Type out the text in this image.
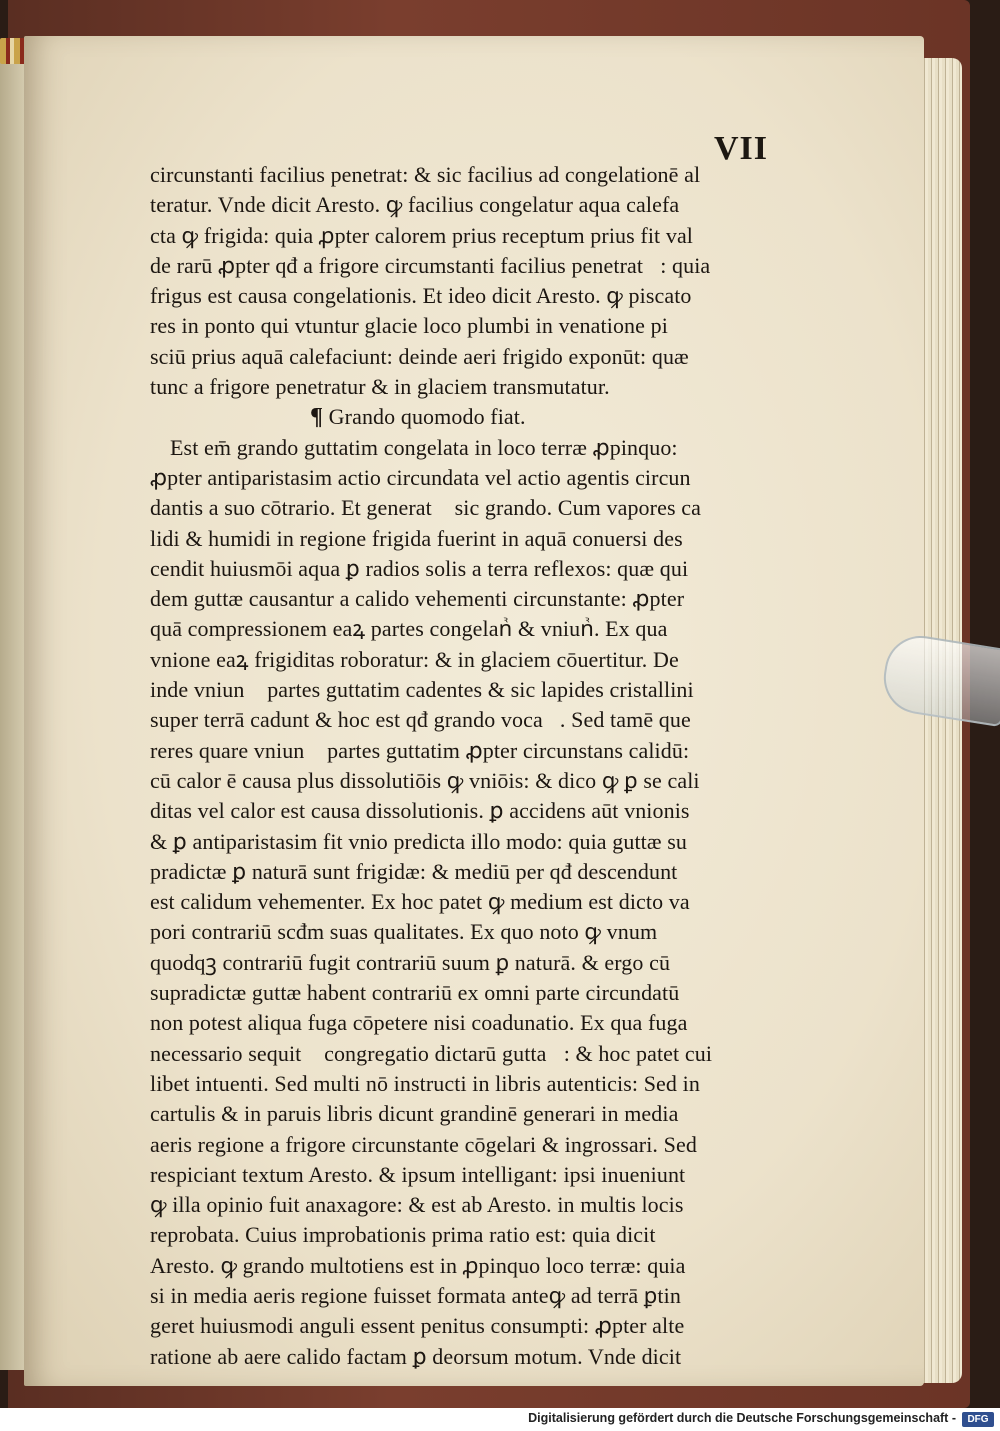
VII
circunstanti facilius penetrat: & sic facilius ad congelationē al
teratur. Vnde dicit Aresto. ꝙ facilius congelatur aqua calefa
cta ꝙ frigida: quia ꝓpter calorem prius receptum prius fit val
de rarū ꝓpter qđ a frigore circumstanti facilius penetratᷣ: quia
frigus est causa congelationis. Et ideo dicit Aresto. ꝙ piscato
res in ponto qui vtuntur glacie loco plumbi in venatione pi
sciū prius aquā calefaciunt: deinde aeri frigido exponūt: quæ
tunc a frigore penetratur & in glaciem transmutatur.
¶ Grando quomodo fiat.
Est em̄ grando guttatim congelata in loco terræ ꝓpinquo:
ꝓpter antiparistasim actio circundata vel actio agentis circun
dantis a suo cōtrario. Et generatᷣ sic grando. Cum vapores ca
lidi & humidi in regione frigida fuerint in aquā conuersi des
cendit huiusmōi aqua ꝑ radios solis a terra reflexos: quæ qui
dem guttæ causantur a calido vehementi circunstante: ꝓpter
quā compressionem eaꝝ partes congelanᷣ & vniunᷣ. Ex qua
vnione eaꝝ frigiditas roboratur: & in glaciem cōuertitur. De
inde vniunᷣ partes guttatim cadentes & sic lapides cristallini
super terrā cadunt & hoc est qđ grando vocaᷣ. Sed tamē que
reres quare vniunᷣ partes guttatim ꝓpter circunstans calidū:
cū calor ē causa plus dissolutiōis ꝙ vniōis: & dico ꝙ ꝑ se cali
ditas vel calor est causa dissolutionis. ꝑ accidens aūt vnionis
& ꝑ antiparistasim fit vnio predicta illo modo: quia guttæ su
pradictæ ꝑ naturā sunt frigidæ: & mediū per qđ descendunt
est calidum vehementer. Ex hoc patet ꝙ medium est dicto va
pori contrariū scđm suas qualitates. Ex quo noto ꝙ vnum
quodqꝫ contrariū fugit contrariū suum ꝑ naturā. & ergo cū
supradictæ guttæ habent contrariū ex omni parte circundatū
non potest aliqua fuga cōpetere nisi coadunatio. Ex qua fuga
necessario sequitᷣ congregatio dictarū guttaꝝ: & hoc patet cui
libet intuenti. Sed multi nō instructi in libris autenticis: Sed in
cartulis & in paruis libris dicunt grandinē generari in media
aeris regione a frigore circunstante cōgelari & ingrossari. Sed
respiciant textum Aresto. & ipsum intelligant: ipsi inueniunt
ꝙ illa opinio fuit anaxagore: & est ab Aresto. in multis locis
reprobata. Cuius improbationis prima ratio est: quia dicit
Aresto. ꝙ grando multotiens est in ꝓpinquo loco terræ: quia
si in media aeris regione fuisset formata anteꝙ ad terrā ꝑtin
geret huiusmodi anguli essent penitus consumpti: ꝓpter alte
ratione ab aere calido factam ꝑ deorsum motum. Vnde dicit
Digitalisierung gefördert durch die Deutsche Forschungsgemeinschaft -	DFG
